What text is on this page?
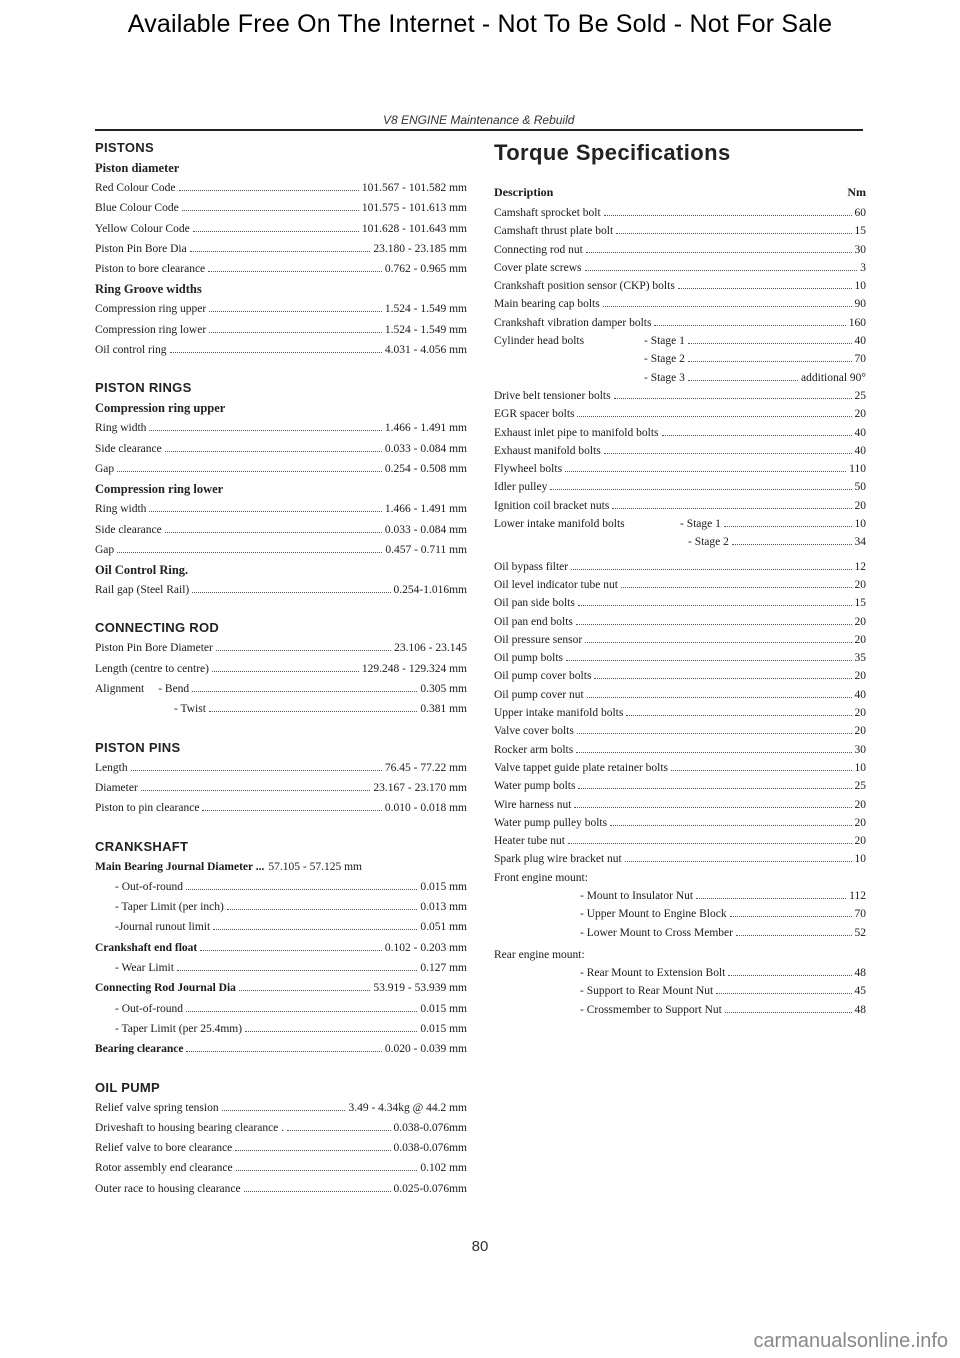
Available Free On The Internet - Not To Be Sold - Not For Sale
V8 ENGINE Maintenance & Rebuild
PISTONS
Piston diameter
Red Colour Code	101.567 - 101.582 mm
Blue Colour Code	101.575 - 101.613 mm
Yellow Colour Code	101.628 - 101.643 mm
Piston Pin Bore Dia	23.180 - 23.185 mm
Piston to bore clearance	0.762 - 0.965 mm
Ring Groove widths
Compression ring upper	1.524 - 1.549 mm
Compression ring lower	1.524 - 1.549 mm
Oil control ring	4.031 - 4.056 mm
PISTON RINGS
Compression ring upper
Ring width	1.466 - 1.491 mm
Side clearance	0.033 - 0.084 mm
Gap	0.254 - 0.508 mm
Compression ring lower
Ring width	1.466 - 1.491 mm
Side clearance	0.033 - 0.084 mm
Gap	0.457 - 0.711 mm
Oil Control Ring.
Rail gap (Steel Rail)	0.254-1.016mm
CONNECTING ROD
Piston Pin Bore Diameter	23.106 - 23.145
Length (centre to centre)	129.248 - 129.324 mm
Alignment - Bend	0.305 mm
- Twist	0.381 mm
PISTON PINS
Length	76.45 - 77.22 mm
Diameter	23.167 - 23.170 mm
Piston to pin clearance	0.010 - 0.018 mm
CRANKSHAFT
Main Bearing Journal Diameter ... 57.105 - 57.125 mm
- Out-of-round	0.015 mm
- Taper Limit (per inch)	0.013 mm
-Journal runout limit	0.051 mm
Crankshaft end float	0.102 - 0.203 mm
- Wear Limit	0.127 mm
Connecting Rod Journal Dia	53.919 - 53.939 mm
- Out-of-round	0.015 mm
- Taper Limit (per 25.4mm)	0.015 mm
Bearing clearance	0.020 - 0.039 mm
OIL PUMP
Relief valve spring tension	3.49 - 4.34kg @ 44.2 mm
Driveshaft to housing bearing clearance .	0.038-0.076mm
Relief valve to bore clearance	0.038-0.076mm
Rotor assembly end clearance	0.102 mm
Outer race to housing clearance	0.025-0.076mm
Torque Specifications
Description	Nm
Camshaft sprocket bolt	60
Camshaft thrust plate bolt	15
Connecting rod nut	30
Cover plate screws	3
Crankshaft position sensor (CKP) bolts	10
Main bearing cap bolts	90
Crankshaft vibration damper bolts	160
Cylinder head bolts	- Stage 1	40
- Stage 2	70
- Stage 3	additional 90°
Drive belt tensioner bolts	25
EGR spacer bolts	20
Exhaust inlet pipe to manifold bolts	40
Exhaust manifold bolts	40
Flywheel bolts	110
Idler pulley	50
Ignition coil bracket nuts	20
Lower intake manifold bolts	- Stage 1	10
- Stage 2	34
Oil bypass filter	12
Oil level indicator tube nut	20
Oil pan side bolts	15
Oil pan end bolts	20
Oil pressure sensor	20
Oil pump bolts	35
Oil pump cover bolts	20
Oil pump cover nut	40
Upper intake manifold bolts	20
Valve cover bolts	20
Rocker arm bolts	30
Valve tappet guide plate retainer bolts	10
Water pump bolts	25
Wire harness nut	20
Water pump pulley bolts	20
Heater tube nut	20
Spark plug wire bracket nut	10
Front engine mount:
- Mount to Insulator Nut	112
- Upper Mount to Engine Block	70
- Lower Mount to Cross Member	52
Rear engine mount:
- Rear Mount to Extension Bolt	48
- Support to Rear Mount Nut	45
- Crossmember to Support Nut	48
80
carmanualsonline.info
